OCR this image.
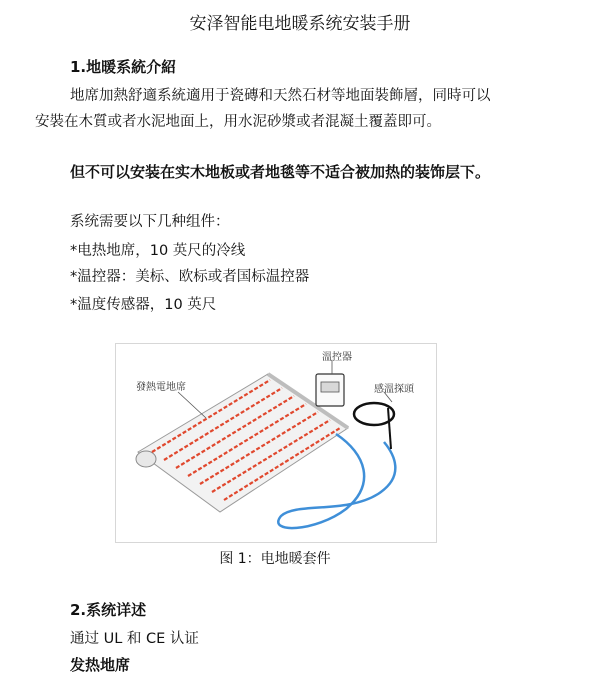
安泽智能电地暖系统安装手册
1.地暖系統介紹
地席加熱舒適系統適用于瓷磚和天然石材等地面裝飾層，同時可以
安裝在木質或者水泥地面上，用水泥砂漿或者混凝土覆蓋即可。
但不可以安装在实木地板或者地毯等不适合被加热的装饰层下。
系统需要以下几种组件：
*电热地席，10 英尺的冷线
*温控器：美标、欧标或者国标温控器
*温度传感器，10 英尺
發熱電地席
溫控器
感溫探頭
图 1：电地暖套件
2.系统详述
通过 UL 和 CE 认证
发热地席
